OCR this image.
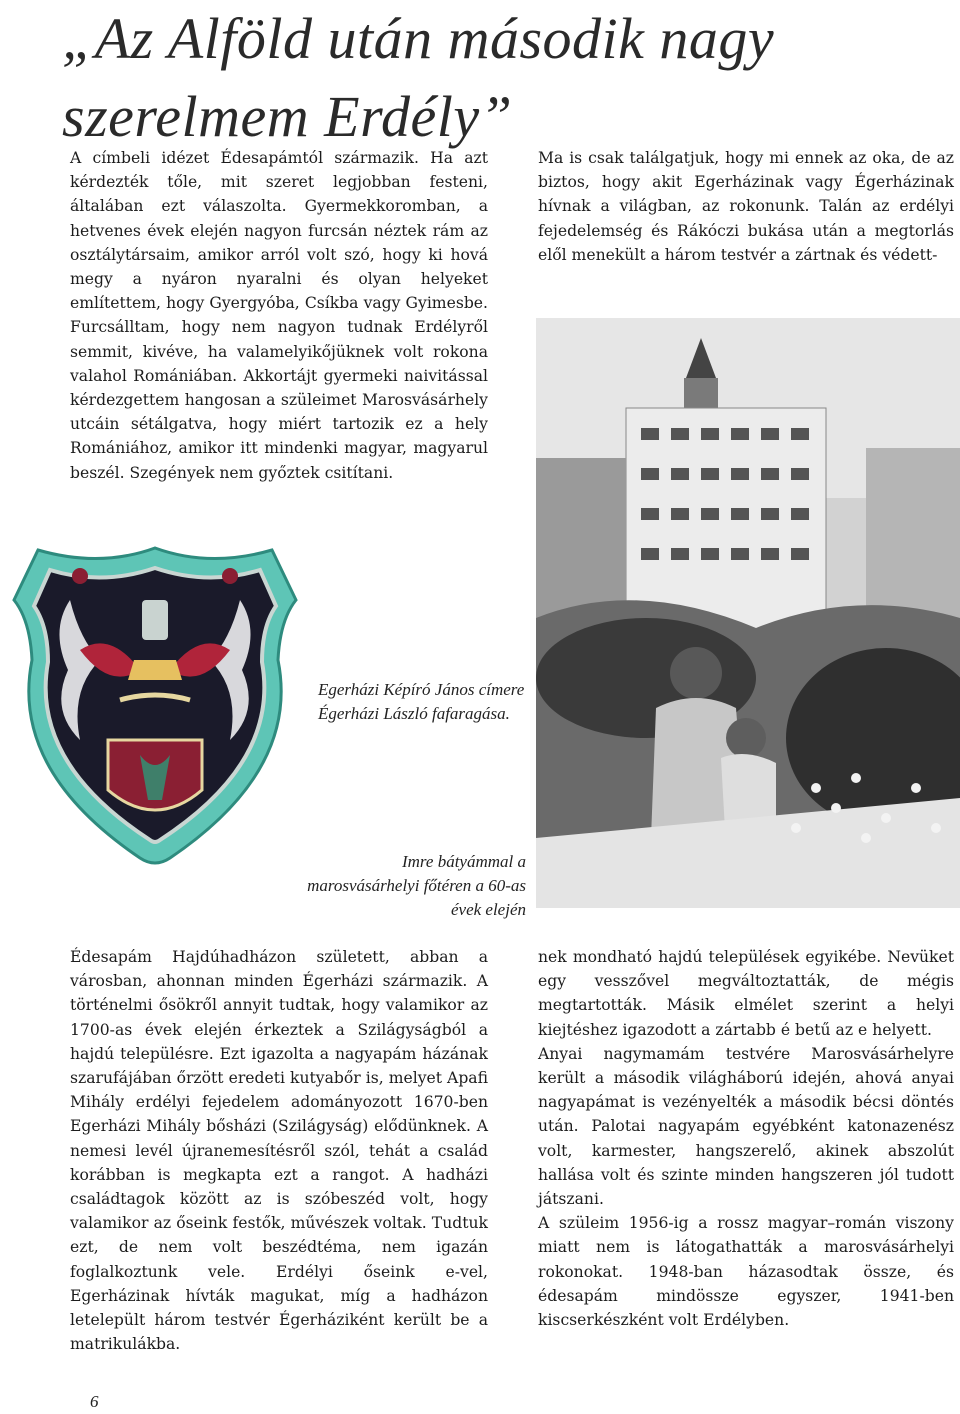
„Az Alföld után második nagy szerelmem Erdély”

A címbeli idézet Édesapámtól származik. Ha azt kérdezték tőle, mit szeret legjobban festeni, általában ezt válaszolta. Gyermekkoromban, a hetvenes évek elején nagyon furcsán néztek rám az osztálytársaim, amikor arról volt szó, hogy ki hová megy a nyáron nyaralni és olyan helyeket említettem, hogy Gyergyóba, Csíkba vagy Gyimesbe. Furcsálltam, hogy nem nagyon tudnak Erdélyről semmit, kivéve, ha valamelyikőjüknek volt rokona valahol Romániában. Akkortájt gyermeki naivitással kérdezgettem hangosan a szüleimet Marosvásárhely utcáin sétálgatva, hogy miért tartozik ez a hely Romániához, amikor itt mindenki magyar, magyarul beszél. Szegények nem győztek csitítani.

Ma is csak találgatjuk, hogy mi ennek az oka, de az biztos, hogy akit Egerházinak vagy Égerházinak hívnak a világban, az rokonunk. Talán az erdélyi fejedelemség és Rákóczi bukása után a megtorlás elől menekült a három testvér a zártnak és védett-

Egerházi Képíró János címere Égerházi László fafaragása.

Imre bátyámmal a marosvásárhelyi főtéren a 60-as évek elején

Édesapám Hajdúhadházon született, abban a városban, ahonnan minden Égerházi származik. A történelmi ősökről annyit tudtak, hogy valamikor az 1700-as évek elején érkeztek a Szilágyságból a hajdú településre. Ezt igazolta a nagyapám házának szarufájában őrzött eredeti kutyabőr is, melyet Apafi Mihály erdélyi fejedelem adományozott 1670-ben Egerházi Mihály bősházi (Szilágyság) elődünknek. A nemesi levél újranemesítésről szól, tehát a család korábban is megkapta ezt a rangot. A hadházi családtagok között az is szóbeszéd volt, hogy valamikor az őseink festők, művészek voltak. Tudtuk ezt, de nem volt beszédtéma, nem igazán foglalkoztunk vele. Erdélyi őseink e-vel, Egerházinak hívták magukat, míg a hadházon letelepült három testvér Égerháziként került be a matrikulákba.

nek mondható hajdú települések egyikébe. Nevüket egy vesszővel megváltoztatták, de mégis megtartották. Másik elmélet szerint a helyi kiejtéshez igazodott a zártabb é betű az e helyett.

Anyai nagymamám testvére Marosvásárhelyre került a második világháború idején, ahová anyai nagyapámat is vezényelték a második bécsi döntés után. Palotai nagyapám egyébként katonazenész volt, karmester, hangszerelő, akinek abszolút hallása volt és szinte minden hangszeren jól tudott játszani.

A szüleim 1956-ig a rossz magyar–román viszony miatt nem is látogathatták a marosvásárhelyi rokonokat. 1948-ban házasodtak össze, és édesapám mindössze egyszer, 1941-ben kiscserkészként volt Erdélyben.

6
